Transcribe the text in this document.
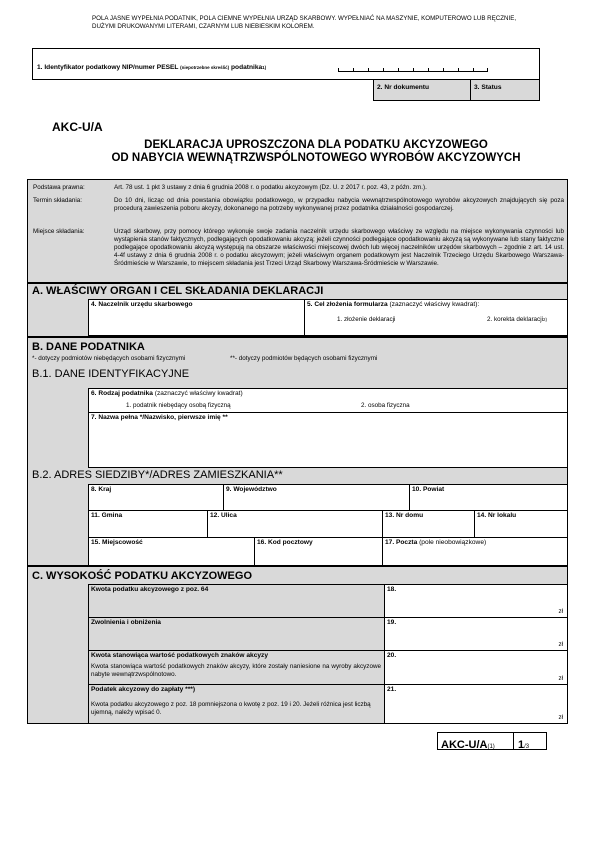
POLA JASNE WYPEŁNIA PODATNIK, POLA CIEMNE WYPEŁNIA URZĄD SKARBOWY. WYPEŁNIAĆ NA MASZYNIE, KOMPUTEROWO LUB RĘCZNIE, DUŻYMI DRUKOWANYMI LITERAMI, CZARNYM LUB NIEBIESKIM KOLOREM.
1. Identyfikator podatkowy NIP/numer PESEL $^{(niepotrzebne skreślić)}$ podatnika$^{1)}$
2. Nr dokumentu	3. Status
AKC-U/A
DEKLARACJA UPROSZCZONA DLA PODATKU AKCYZOWEGO
OD NABYCIA WEWNĄTRZWSPÓLNOTOWEGO WYROBÓW AKCYZOWYCH
Podstawa prawna:	Art. 78 ust. 1 pkt 3 ustawy z dnia 6 grudnia 2008 r. o podatku akcyzowym (Dz. U. z 2017 r. poz. 43, z późn. zm.).
Termin składania:	Do 10 dni, licząc od dnia powstania obowiązku podatkowego, w przypadku nabycia wewnątrzwspólnotowego wyrobów akcyzowych znajdujących się poza procedurą zawieszenia poboru akcyzy, dokonanego na potrzeby wykonywanej przez podatnika działalności gospodarczej.
Miejsce składania:	Urząd skarbowy, przy pomocy którego wykonuje swoje zadania naczelnik urzędu skarbowego właściwy ze względu na miejsce wykonywania czynności lub wystąpienia stanów faktycznych, podlegających opodatkowaniu akcyzą; jeżeli czynności podlegające opodatkowaniu akcyzą są wykonywane lub stany faktyczne podlegające opodatkowaniu akcyzą występują na obszarze właściwości miejscowej dwóch lub więcej naczelników urzędów skarbowych – zgodnie z art. 14 ust. 4-4f ustawy z dnia 6 grudnia 2008 r. o podatku akcyzowym; jeżeli właściwym organem podatkowym jest Naczelnik Trzeciego Urzędu Skarbowego Warszawa-Śródmieście w Warszawie, to miejscem składania jest Trzeci Urząd Skarbowy Warszawa-Śródmieście w Warszawie.
A. WŁAŚCIWY ORGAN I CEL SKŁADANIA DEKLARACJI
4. Naczelnik urzędu skarbowego	5. Cel złożenia formularza (zaznaczyć właściwy kwadrat):
1. złożenie deklaracji	2. korekta deklaracji$^{2)}$
B. DANE PODATNIKA
*- dotyczy podmiotów niebędących osobami fizycznymi	**- dotyczy podmiotów będących osobami fizycznymi
B.1. DANE IDENTYFIKACYJNE
6. Rodzaj podatnika (zaznaczyć właściwy kwadrat)
1. podatnik niebędący osobą fizyczną	2. osoba fizyczna
7. Nazwa pełna */Nazwisko, pierwsze imię **
B.2. ADRES SIEDZIBY*/ADRES ZAMIESZKANIA**
8. Kraj	9. Województwo	10. Powiat
11. Gmina	12. Ulica	13. Nr domu	14. Nr lokalu
15. Miejscowość	16. Kod pocztowy	17. Poczta (pole nieobowiązkowe)
C. WYSOKOŚĆ PODATKU AKCYZOWEGO
Kwota podatku akcyzowego z poz. 64	18.
zł
Zwolnienia i obniżenia	19.
zł
Kwota stanowiąca wartość podatkowych znaków akcyzy
Kwota stanowiąca wartość podatkowych znaków akcyzy, które zostały naniesione na wyroby akcyzowe nabyte wewnątrzwspólnotowo.
20.
zł
Podatek akcyzowy do zapłaty ***)
Kwota podatku akcyzowego z poz. 18 pomniejszona o kwotę z poz. 19 i 20. Jeżeli różnica jest liczbą ujemną, należy wpisać 0.
21.
zł
AKC-U/A(1) 1/3
